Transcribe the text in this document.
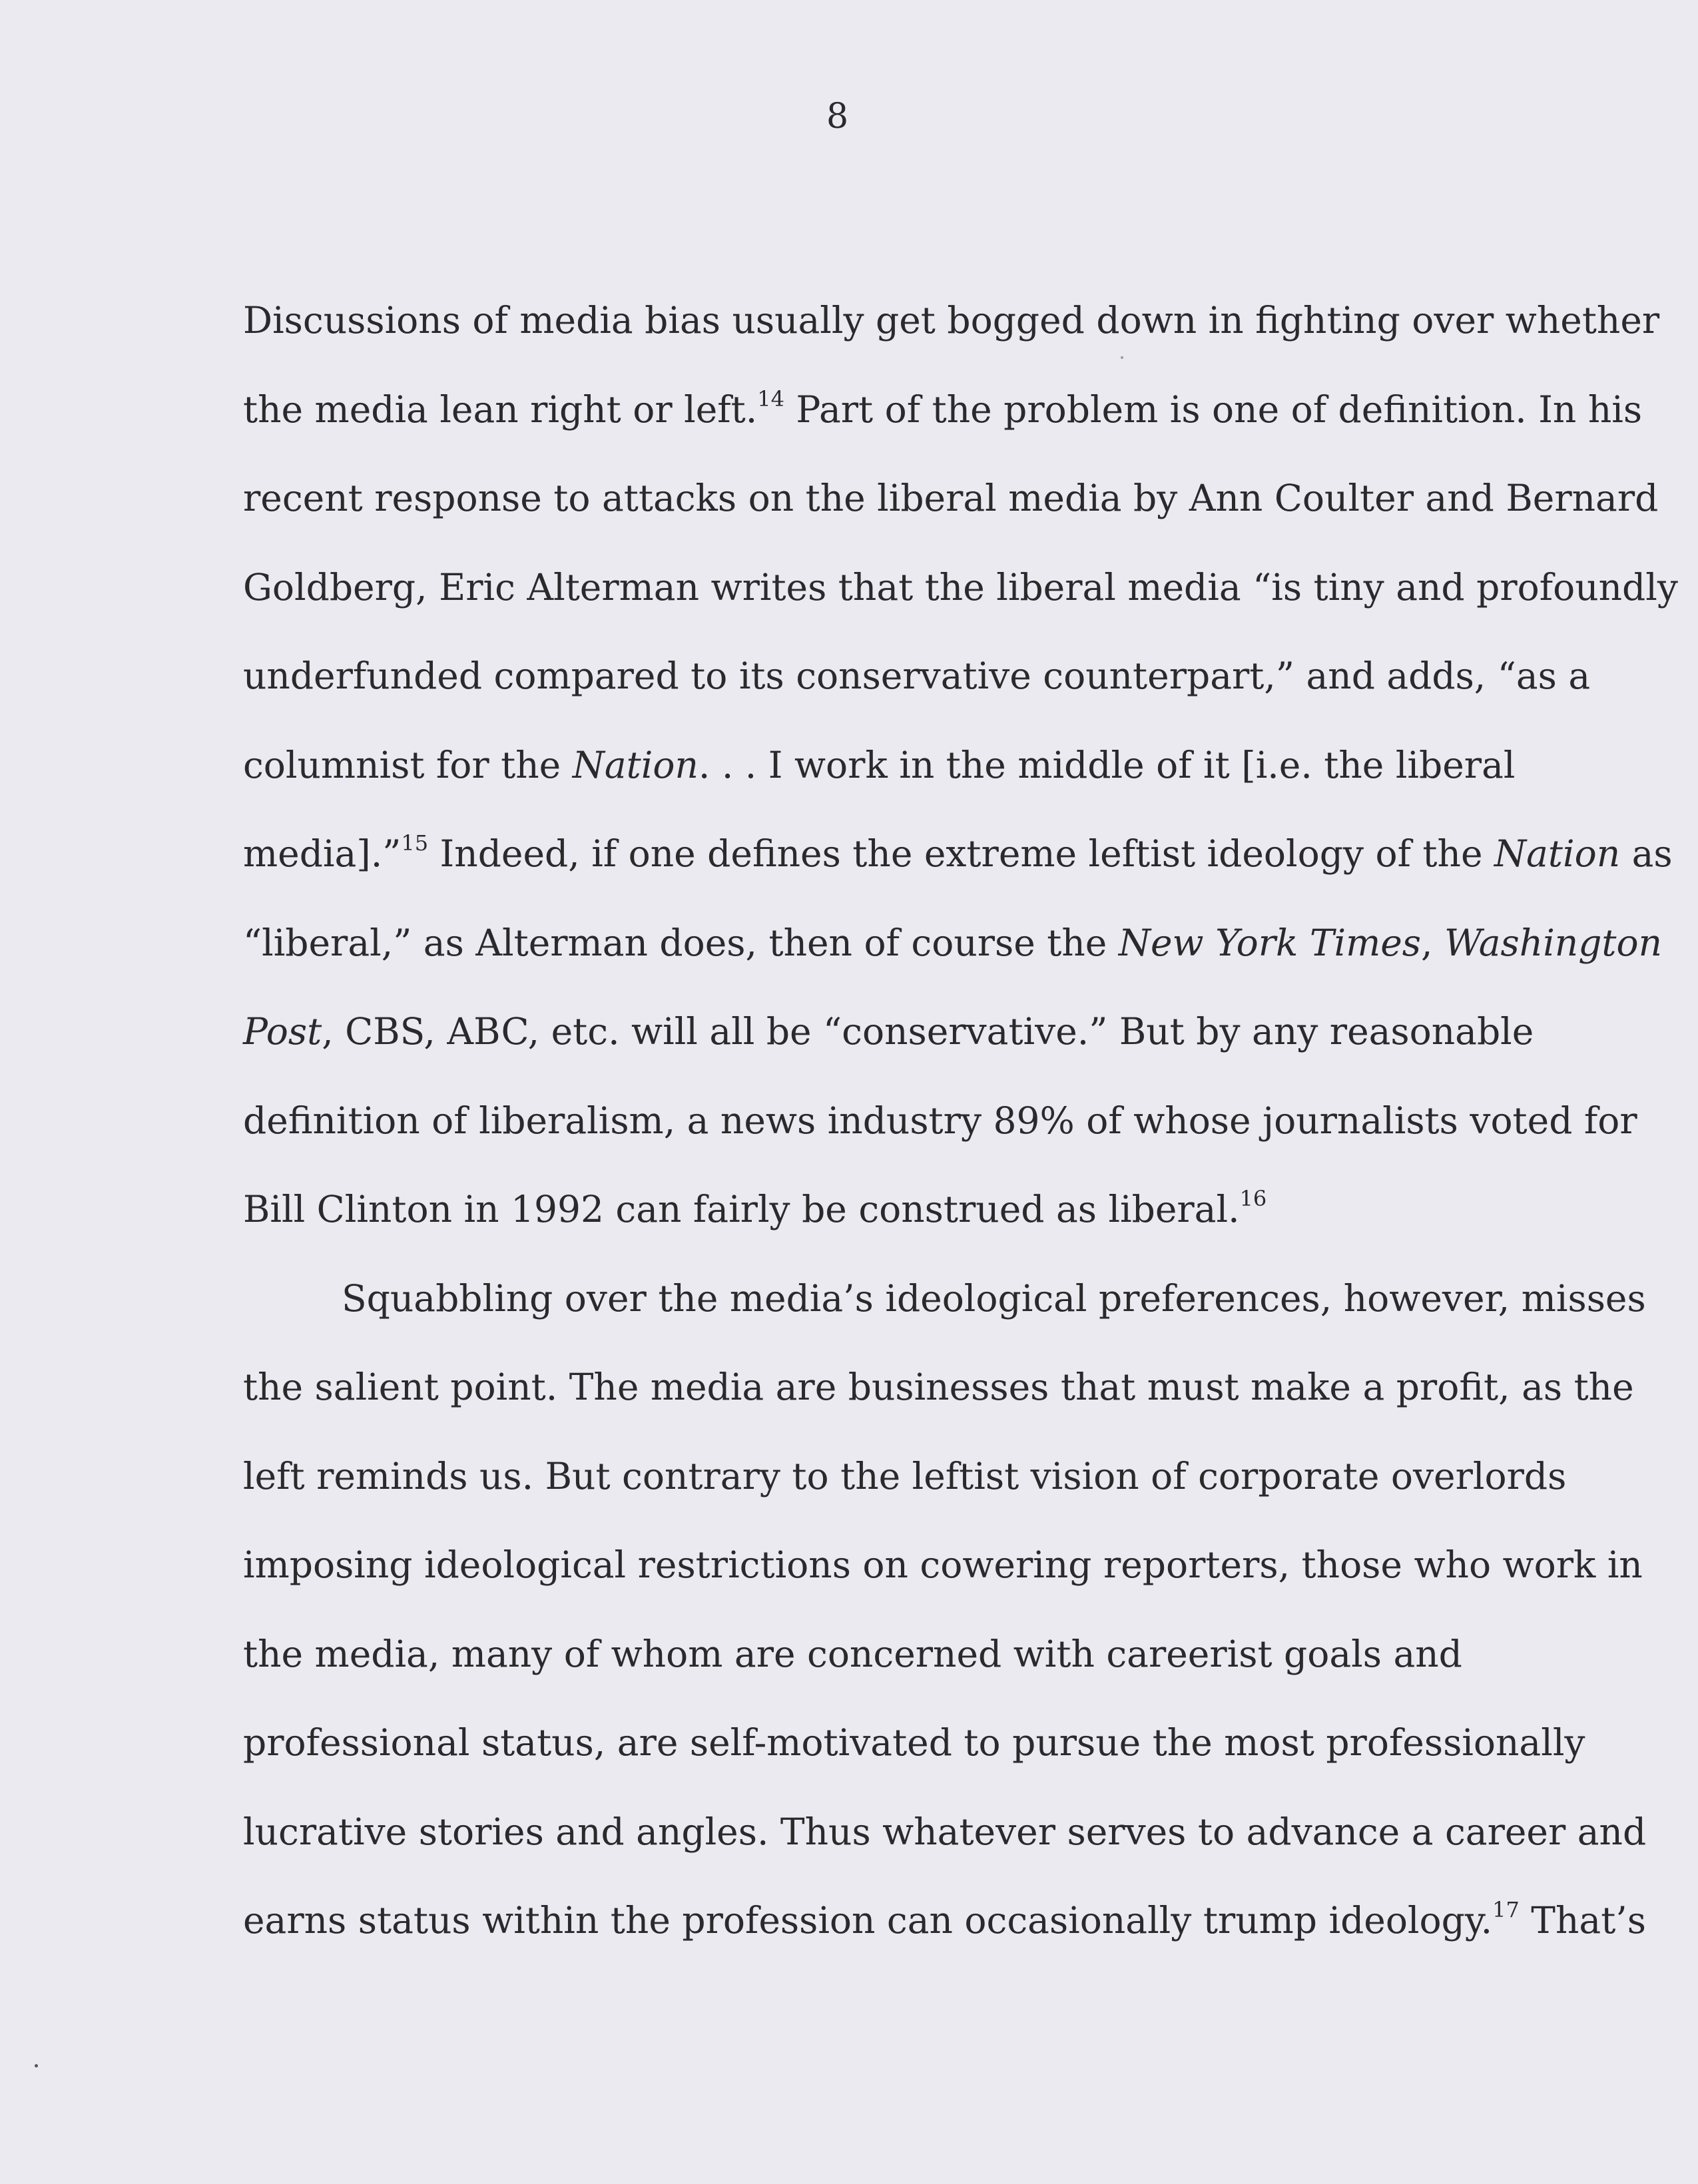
8
Discussions of media bias usually get bogged down in fighting over whether
the media lean right or left.$^{14}$ Part of the problem is one of definition. In his
recent response to attacks on the liberal media by Ann Coulter and Bernard
Goldberg, Eric Alterman writes that the liberal media “is tiny and profoundly
underfunded compared to its conservative counterpart,” and adds, “as a
columnist for the Nation. . . I work in the middle of it [i.e. the liberal
media].”$^{15}$ Indeed, if one defines the extreme leftist ideology of the Nation as
“liberal,” as Alterman does, then of course the New York Times, Washington
Post, CBS, ABC, etc. will all be “conservative.” But by any reasonable
definition of liberalism, a news industry 89% of whose journalists voted for
Bill Clinton in 1992 can fairly be construed as liberal.$^{16}$
Squabbling over the media’s ideological preferences, however, misses
the salient point. The media are businesses that must make a profit, as the
left reminds us. But contrary to the leftist vision of corporate overlords
imposing ideological restrictions on cowering reporters, those who work in
the media, many of whom are concerned with careerist goals and
professional status, are self-motivated to pursue the most professionally
lucrative stories and angles. Thus whatever serves to advance a career and
earns status within the profession can occasionally trump ideology.$^{17}$ That’s
